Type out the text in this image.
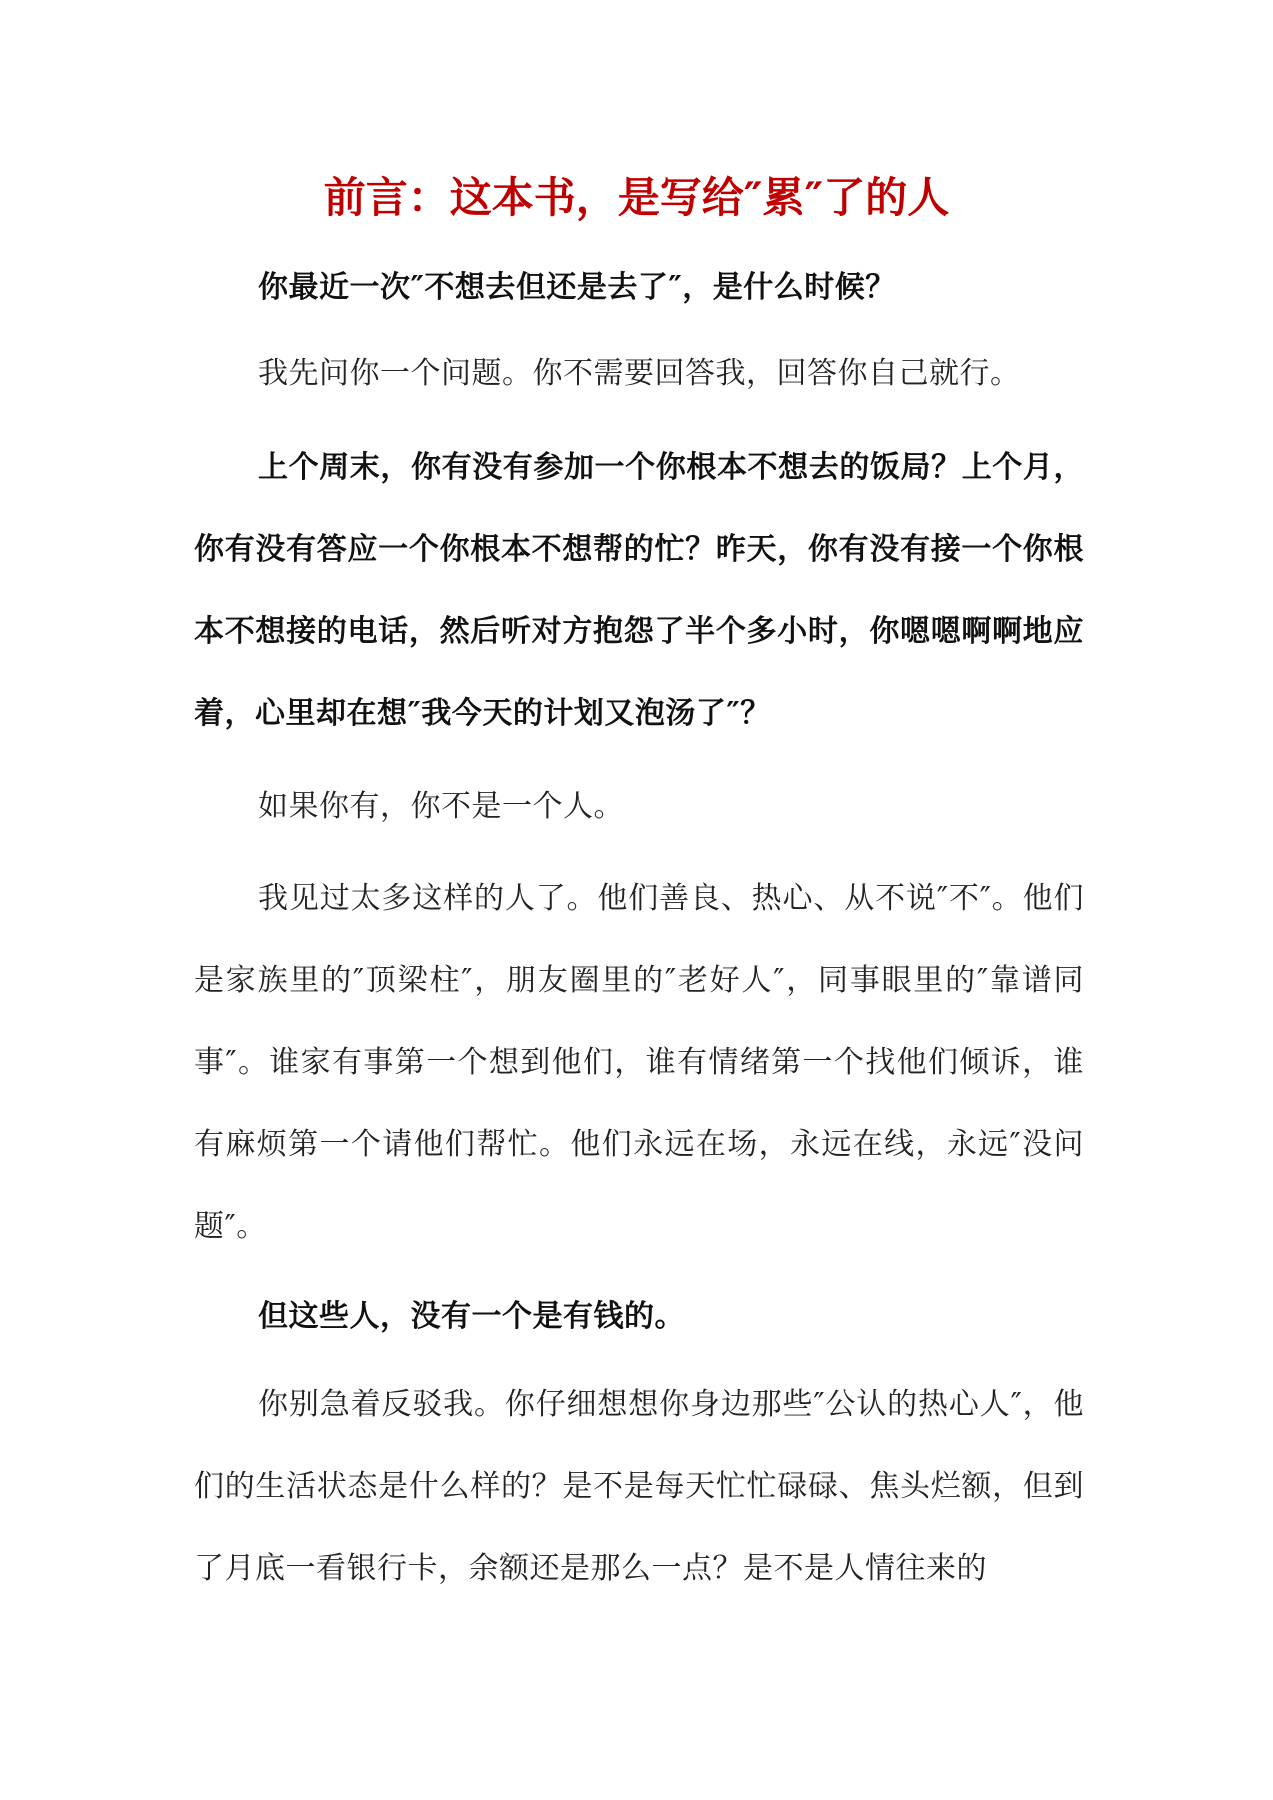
前言：这本书，是写给″累″了的人

你最近一次″不想去但还是去了″，是什么时候？

我先问你一个问题。你不需要回答我，回答你自己就行。

上个周末，你有没有参加一个你根本不想去的饭局？上个月，你有没有答应一个你根本不想帮的忙？昨天，你有没有接一个你根本不想接的电话，然后听对方抱怨了半个多小时，你嗯嗯啊啊地应着，心里却在想″我今天的计划又泡汤了″？

如果你有，你不是一个人。

我见过太多这样的人了。他们善良、热心、从不说″不″。他们是家族里的″顶梁柱″，朋友圈里的″老好人″，同事眼里的″靠谱同事″。谁家有事第一个想到他们，谁有情绪第一个找他们倾诉，谁有麻烦第一个请他们帮忙。他们永远在场，永远在线，永远″没问题″。

但这些人，没有一个是有钱的。

你别急着反驳我。你仔细想想你身边那些″公认的热心人″，他们的生活状态是什么样的？是不是每天忙忙碌碌、焦头烂额，但到了月底一看银行卡，余额还是那么一点？是不是人情往来的
